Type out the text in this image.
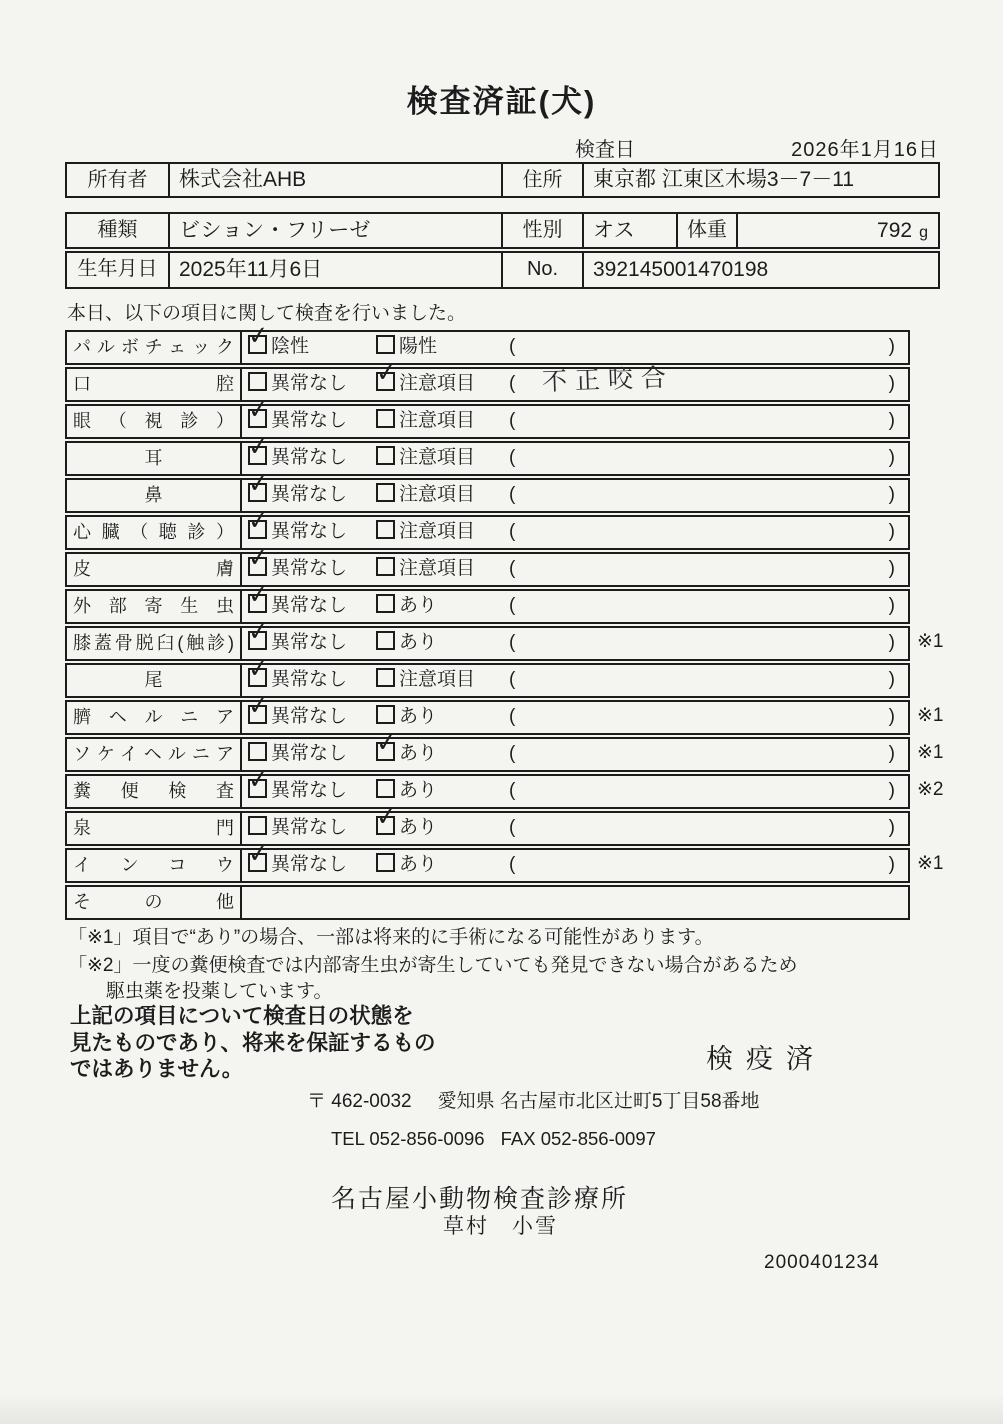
検査済証(犬)
検査日	2026年1月16日
所有者	株式会社AHB	住所	東京都 江東区木場3－7－11
種類	ビション・フリーゼ	性別	オス	体重	792 g
生年月日	2025年11月6日	No.	392145001470198
本日、以下の項目に関して検査を行いました。
パルボチェック ✓ 陰性	陽性	(	)
口腔	異常なし ✓ 注意項目 ( 不正咬合	)
眼（視診） ✓ 異常なし	注意項目 (	)
耳	✓ 異常なし	注意項目 (	)
鼻	✓ 異常なし	注意項目 (	)
心臓（聴診） ✓ 異常なし	注意項目 (	)
皮膚 ✓ 異常なし	注意項目 (	)
外部寄生虫 ✓ 異常なし	あり	(	)
膝蓋骨脱臼(触診) ✓ 異常なし	あり	(	) ※1
尾	✓ 異常なし	注意項目 (	)
臍ヘルニア ✓ 異常なし	あり	(	) ※1
ソケイヘルニア	異常なし ✓ あり	(	) ※1
糞便検査 ✓ 異常なし	あり	(	) ※2
泉門	異常なし ✓ あり	(	)
インコウ ✓ 異常なし	あり	(	) ※1
その他
「※1」項目で“あり”の場合、一部は将来的に手術になる可能性があります。
「※2」一度の糞便検査では内部寄生虫が寄生していても発見できない場合があるため
駆虫薬を投薬しています。
上記の項目について検査日の状態を
見たものであり、将来を保証するもの
ではありません。	検疫済
〒 462-0032 愛知県 名古屋市北区辻町5丁目58番地
TEL 052-856-0096 FAX 052-856-0097
名古屋小動物検査診療所
草村　小雪
2000401234
